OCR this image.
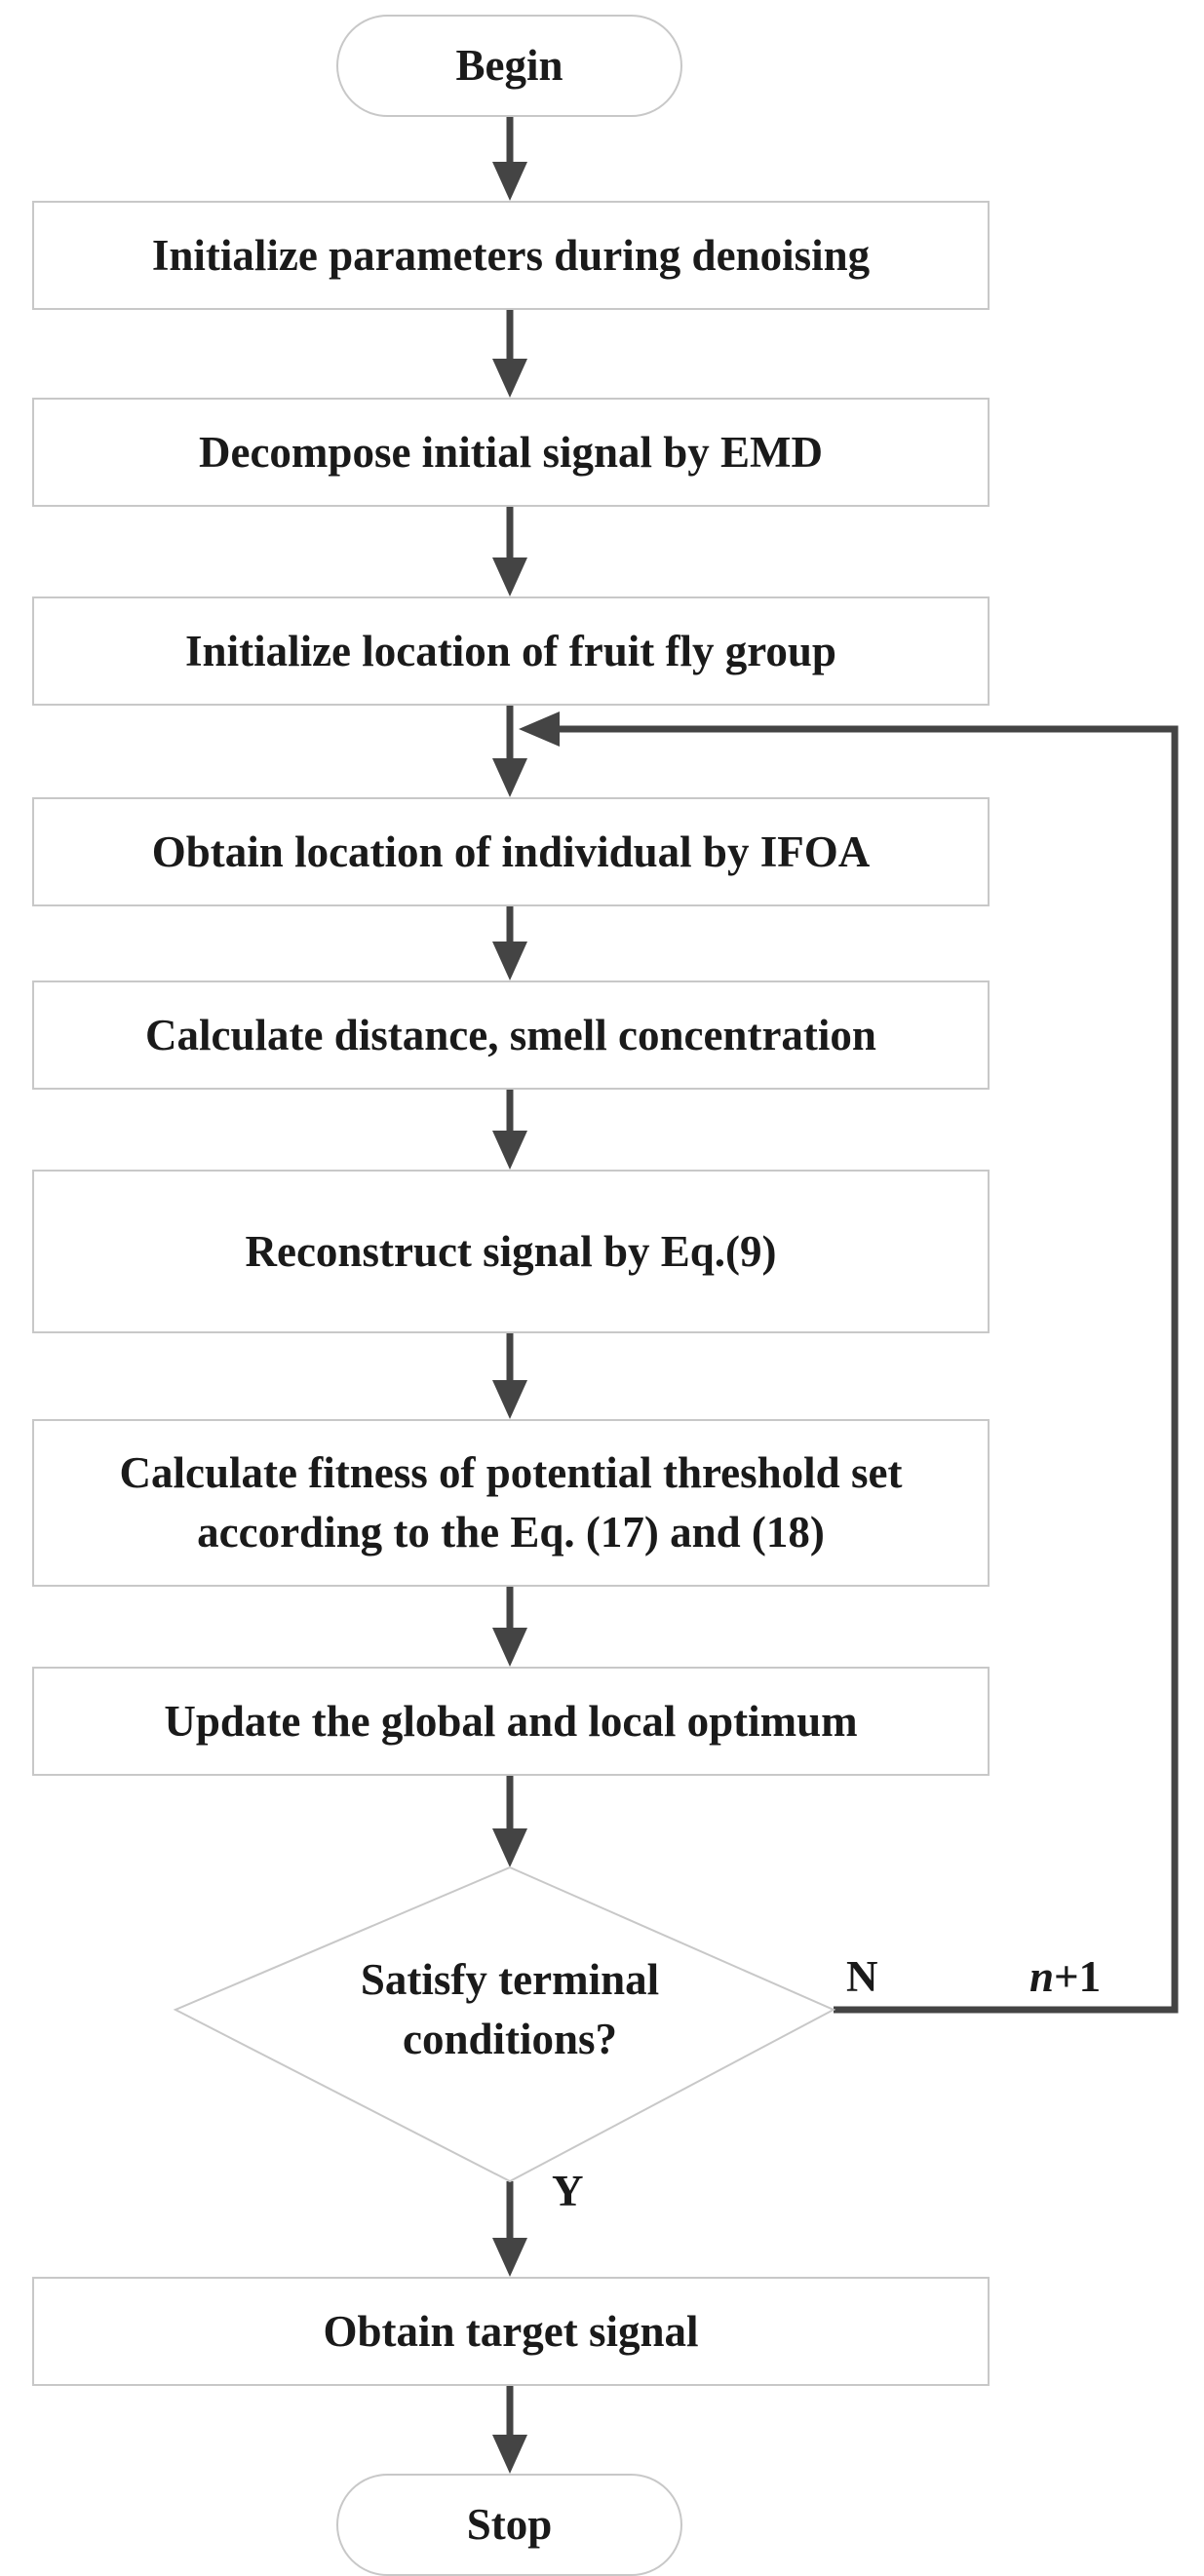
Begin
Initialize parameters during denoising
Decompose initial signal by EMD
Initialize location of fruit fly group
Obtain location of individual by IFOA
Calculate distance, smell concentration
Reconstruct signal by Eq.(9)
Calculate fitness of potential threshold set according to the Eq. (17) and (18)
Update the global and local optimum
Satisfy terminal conditions?
N	n+1
Y
Obtain target signal
Stop
